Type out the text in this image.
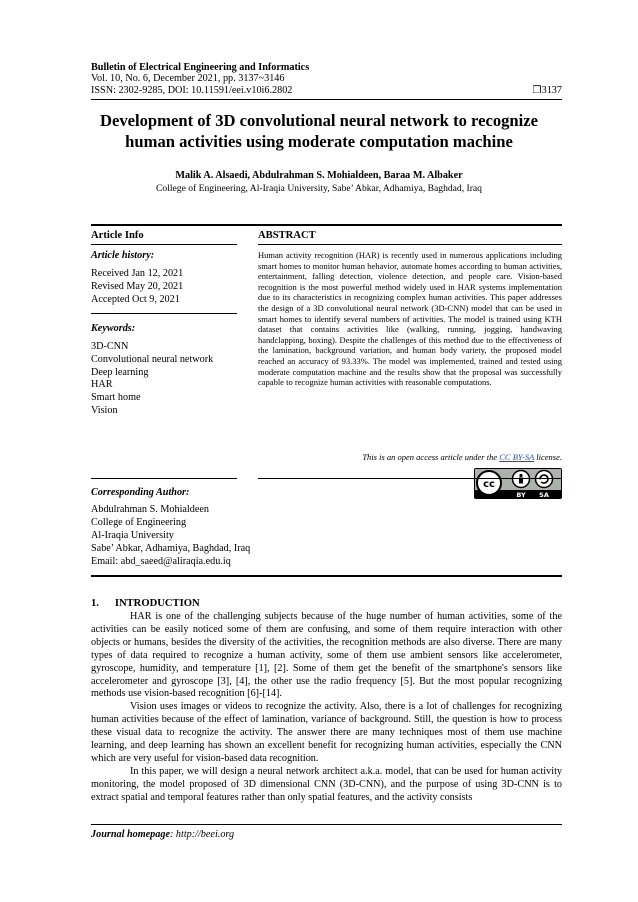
Bulletin of Electrical Engineering and Informatics
Vol. 10, No. 6, December 2021, pp. 3137~3146
ISSN: 2302-9285, DOI: 10.11591/eei.v10i6.2802	❒3137
Development of 3D convolutional neural network to recognize
human activities using moderate computation machine
Malik A. Alsaedi, Abdulrahman S. Mohialdeen, Baraa M. Albaker
College of Engineering, Al-Iraqia University, Sabe’ Abkar, Adhamiya, Baghdad, Iraq
Article Info	ABSTRACT
Article history:
Received Jan 12, 2021
Revised May 20, 2021
Accepted Oct 9, 2021
Keywords:
3D-CNN
Convolutional neural network
Deep learning
HAR
Smart home
Vision
Human activity recognition (HAR) is recently used in numerous applications including smart homes to monitor human behavior, automate homes according to human activities, entertainment, falling detection, violence detection, and people care. Vision-based recognition is the most powerful method widely used in HAR systems implementation due to its characteristics in recognizing complex human activities. This paper addresses the design of a 3D convolutional neural network (3D-CNN) model that can be used in smart homes to identify several numbers of activities. The model is trained using KTH dataset that contains activities like (walking, running, jogging, handwaving handclapping, boxing). Despite the challenges of this method due to the effectiveness of the lamination, background variation, and human body variety, the proposed model reached an accuracy of 93.33%. The model was implemented, trained and tested using moderate computation machine and the results show that the proposal was successfully capable to recognize human activities with reasonable computations.
This is an open access article under the CC BY-SA license.
cc
BY SA
Corresponding Author:
Abdulrahman S. Mohialdeen
College of Engineering
Al-Iraqia University
Sabe’ Abkar, Adhamiya, Baghdad, Iraq
Email: abd_saeed@aliraqia.edu.iq
1.      INTRODUCTION

HAR is one of the challenging subjects because of the huge number of human activities, some of the activities can be easily noticed some of them are confusing, and some of them require interaction with other objects or humans, besides the diversity of the activities, the recognition methods are also diverse. There are many types of data required to recognize a human activity, some of them use ambient sensors like accelerometer, gyroscope, humidity, and temperature [1], [2]. Some of them get the benefit of the smartphone's sensors like accelerometer and gyroscope [3], [4], the other use the radio frequency [5]. But the most popular recognizing methods use vision-based recognition [6]-[14].

Vision uses images or videos to recognize the activity. Also, there is a lot of challenges for recognizing human activities because of the effect of lamination, variance of background. Still, the question is how to process these visual data to recognize the activity. The answer there are many techniques most of them use machine learning, and deep learning has shown an excellent benefit for recognizing human activities, especially the CNN which are very useful for vision-based data recognition.

In this paper, we will design a neural network architect a.k.a. model, that can be used for human activity monitoring, the model proposed of 3D dimensional CNN (3D-CNN), and the purpose of using 3D-CNN is to extract spatial and temporal features rather than only spatial features, and the activity consists

Journal homepage: http://beei.org
